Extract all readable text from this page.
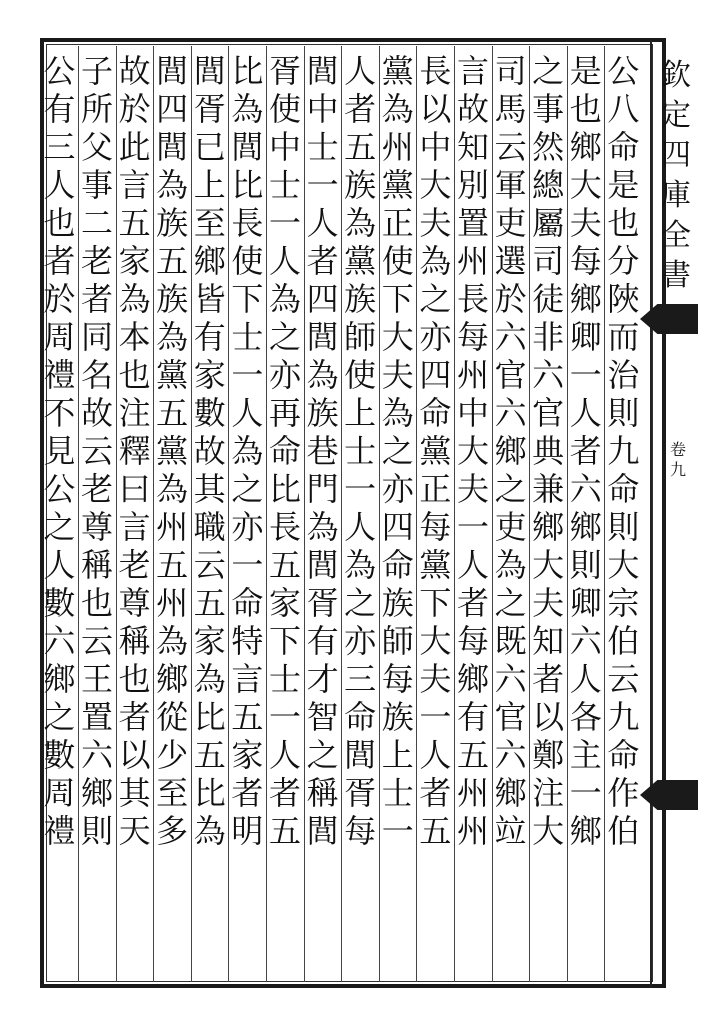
公
八
命
是
也
分
陜
而
治
則
九
命
則
大
宗
伯
云
九
命
作
伯
是
也
鄉
大
夫
每
鄉
卿
一
人
者
六
鄉
則
卿
六
人
各
主
一
鄉
之
事
然
總
屬
司
徒
非
六
官
典
兼
鄉
大
夫
知
者
以
鄭
注
大
司
馬
云
軍
吏
選
於
六
官
六
鄉
之
吏
為
之
既
六
官
六
鄉
竝
言
故
知
別
置
州
長
每
州
中
大
夫
一
人
者
每
鄉
有
五
州
州
長
以
中
大
夫
為
之
亦
四
命
黨
正
每
黨
下
大
夫
一
人
者
五
黨
為
州
黨
正
使
下
大
夫
為
之
亦
四
命
族
師
每
族
上
士
一
人
者
五
族
為
黨
族
師
使
上
士
一
人
為
之
亦
三
命
閭
胥
每
閭
中
士
一
人
者
四
閭
為
族
巷
門
為
閭
胥
有
才
智
之
稱
閭
胥
使
中
士
一
人
為
之
亦
再
命
比
長
五
家
下
士
一
人
者
五
比
為
閭
比
長
使
下
士
一
人
為
之
亦
一
命
特
言
五
家
者
明
閭
胥
已
上
至
鄉
皆
有
家
數
故
其
職
云
五
家
為
比
五
比
為
閭
四
閭
為
族
五
族
為
黨
五
黨
為
州
五
州
為
鄉
從
少
至
多
故
於
此
言
五
家
為
本
也
注
釋
曰
言
老
尊
稱
也
者
以
其
天
子
所
父
事
二
老
者
同
名
故
云
老
尊
稱
也
云
王
置
六
鄉
則
公
有
三
人
也
者
於
周
禮
不
見
公
之
人
數
六
鄉
之
數
周
禮
欽
定
四
庫
全
書
卷
九
